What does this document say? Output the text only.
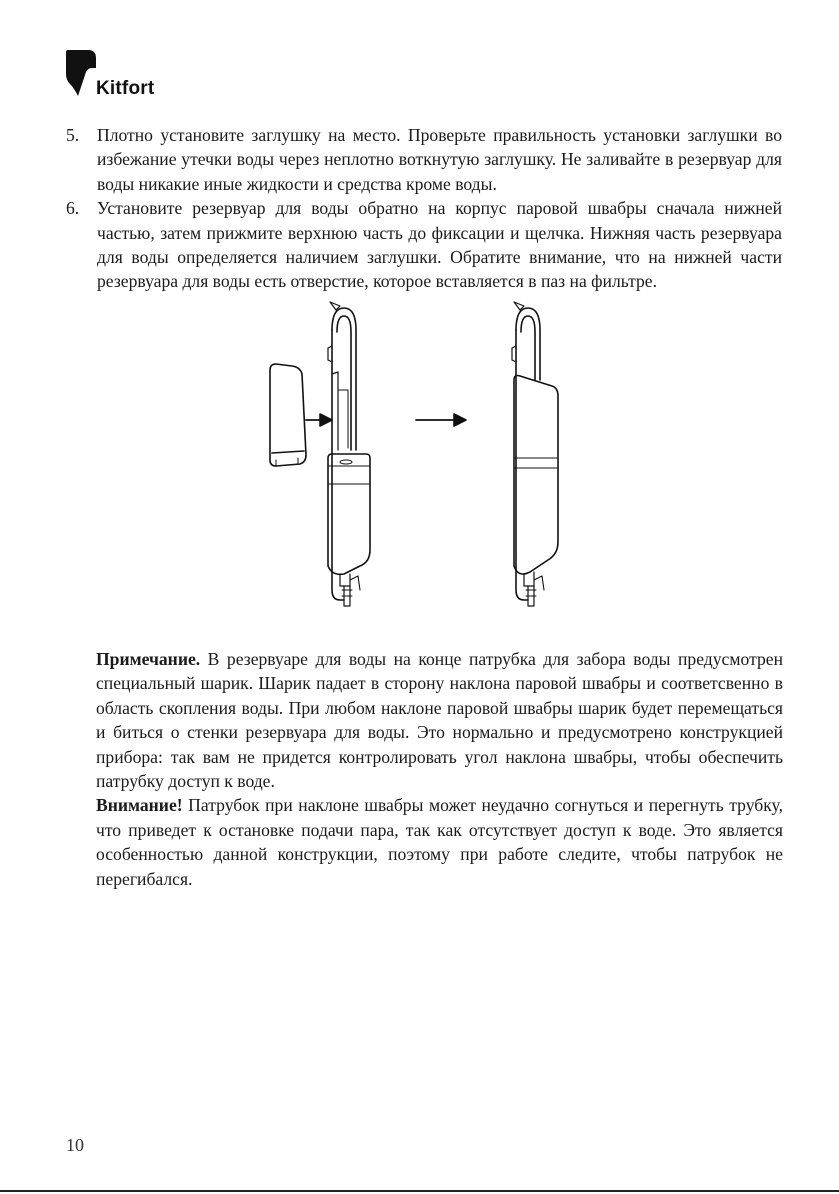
Kitfort
5. Плотно установите заглушку на место. Проверьте правильность установки заглушки во избежание утечки воды через неплотно воткнутую заглушку. Не заливайте в резервуар для воды никакие иные жидкости и средства кроме воды.
6. Установите резервуар для воды обратно на корпус паровой швабры сначала нижней частью, затем прижмите верхнюю часть до фиксации и щелчка. Нижняя часть резервуара для воды определяется наличием заглушки. Обратите внимание, что на нижней части резервуара для воды есть отверстие, которое вставляется в паз на фильтре.

Примечание. В резервуаре для воды на конце патрубка для забора воды предусмотрен специальный шарик. Шарик падает в сторону наклона паровой швабры и соответсвенно в область скопления воды. При любом наклоне паровой швабры шарик будет перемещаться и биться о стенки резервуара для воды. Это нормально и предусмотрено конструкцией прибора: так вам не придется контролировать угол наклона швабры, чтобы обеспечить патрубку доступ к воде.

Внимание! Патрубок при наклоне швабры может неудачно согнуться и перегнуть трубку, что приведет к остановке подачи пара, так как отсутствует доступ к воде. Это является особенностью данной конструкции, поэтому при работе следите, чтобы патрубок не перегибался.

10
